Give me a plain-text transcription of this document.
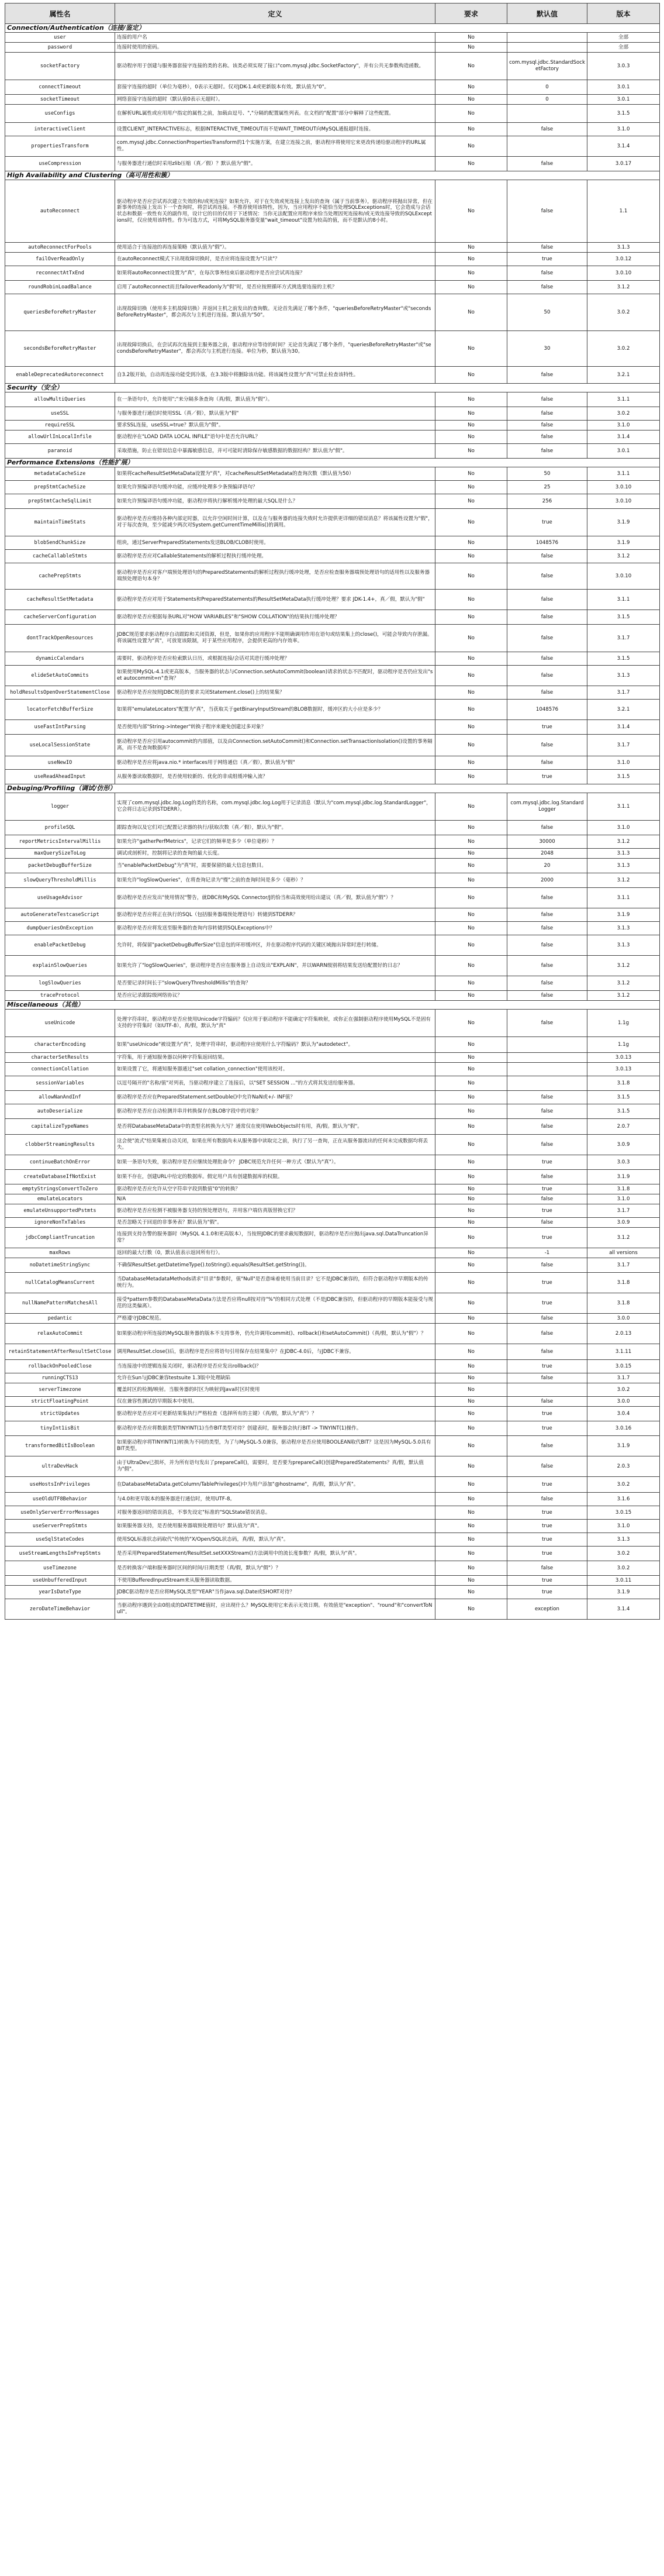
属性名	定义	要求	默认值	版本
Connection/Authentication（连接/鉴定）				
user	连接的用户名	No		全部
password	连接时使用的密码。	No		全部
socketFactory	驱动程序用于创建与服务器套接字连接的类的名称。该类必须实现了接口"com.mysql.jdbc.SocketFactory"，并有公共无参数构造函数。	No	com.mysql.jdbc.StandardSocketFactory	3.0.3
connectTimeout	套接字连接的超时（单位为毫秒），0表示无超时。仅对JDK-1.4或更新版本有效。默认值为"0"。	No	0	3.0.1
socketTimeout	网络套接字连接的超时（默认值0表示无超时）。	No	0	3.0.1
useConfigs	在解析URL属性或应用用户指定的属性之前，加载由逗号、","分隔的配置属性列表。在文档的"配置"部分中解释了这些配置。	No		3.1.5
interactiveClient	设置CLIENT_INTERACTIVE标志，根据INTERACTIVE_TIMEOUT而不是WAIT_TIMEOUT向MySQL通报超时连接。	No	false	3.1.0
propertiesTransform	com.mysql.jdbc.ConnectionPropertiesTransform的1个实施方案，在建立连接之前，驱动程序将使用它来更改传递给驱动程序的URL属性。	No		3.1.4
useCompression	与服务器进行通信时采用zlib压缩（真／假）？默认值为"假"。	No	false	3.0.17
High Availability and Clustering（高可用性和簇）				
autoReconnect	驱动程序是否应尝试再次建立失效的和/或死连接？如果允许，对于在失效或死连接上发出的查询（属于当前事务），驱动程序将抛出异常，但在新事务的连接上发出下一个查询时，将尝试再连接。不推荐使用该特性，因为，当应用程序不能恰当处理SQLExceptions时，它会造成与会话状态和数据一致性有关的副作用，设计它的目的仅用于下述情况：当你无法配置应用程序来恰当处理因死连接和/或无效连接导致的SQLExceptions时，仅应使用该特性。作为可选方式，可将MySQL服务器变量"wait_timeout"设置为较高的值，而不是默认的8小时。	No	false	1.1
autoReconnectForPools	使用适合于连接池的再连接策略（默认值为"假"）。	No	false	3.1.3
failOverReadOnly	在autoReconnect模式下出现故障切换时，是否应将连接设置为"只读"？	No	true	3.0.12
reconnectAtTxEnd	如果将autoReconnect设置为"真"，在每次事务结束后驱动程序是否应尝试再连接？	No	false	3.0.10
roundRobinLoadBalance	启用了autoReconnect而且failoverReadonly为"假"时，是否应按照循环方式挑选要连接的主机？	No	false	3.1.2
queriesBeforeRetryMaster	出现故障切换（使用多主机故障切换）并返回主机之前发出的查询数。无论首先满足了哪个条件，"queriesBeforeRetryMaster"或"secondsBeforeRetryMaster"，都会再次与主机进行连接。默认值为"50"。	No	50	3.0.2
secondsBeforeRetryMaster	出现故障切换后，在尝试再次连接到主服务器之前，驱动程序应等待的时间？无论首先满足了哪个条件，"queriesBeforeRetryMaster"或"secondsBeforeRetryMaster"，都会再次与主机进行连接。单位为秒，默认值为30。	No	30	3.0.2
enableDeprecatedAutoreconnect	自3.2版开始，自动再连接功能受到冷落，在3.3版中将删除该功能。将该属性设置为"真"可禁止检查该特性。	No	false	3.2.1
Security（安全）				
allowMultiQueries	在一条语句中，允许使用";"来分隔多条查询（真/假，默认值为"假"）。	No	false	3.1.1
useSSL	与服务器进行通信时使用SSL（真／假），默认值为"假"	No	false	3.0.2
requireSSL	要求SSL连接，useSSL=true？默认值为"假"。	No	false	3.1.0
allowUrlInLocalInfile	驱动程序在"LOAD DATA LOCAL INFILE"语句中是否允许URL？	No	false	3.1.4
paranoid	采取措施，防止在错误信息中暴露敏感信息，并可可能时清除保存敏感数据的数据结构？默认值为"假"。	No	false	3.0.1
Performance Extensions（性能扩展）				
metadataCacheSize	如果将cacheResultSetMetaData设置为"真"，对cacheResultSetMetadata的查询次数（默认值为50）	No	50	3.1.1
prepStmtCacheSize	如果允许预编译语句缓冲功能，应缓冲处理多少条预编译语句？	No	25	3.0.10
prepStmtCacheSqlLimit	如果允许预编译语句缓冲功能，驱动程序将执行解析缓冲处理的最大SQL是什么？	No	256	3.0.10
maintainTimeStats	驱动程序是否应维持各种内部定时器，以允许空闲时间计算，以及在与服务器的连接失败时允许提供更详细的错误消息？将该属性设置为"假"，对于每次查询，至少能减少两次对System.getCurrentTimeMillis()的调用。	No	true	3.1.9
blobSendChunkSize	组块，通过ServerPreparedStatements发送BLOB/CLOB时使用。	No	1048576	3.1.9
cacheCallableStmts	驱动程序是否应对CallableStatements的解析过程执行缓冲处理。	No	false	3.1.2
cachePrepStmts	驱动程序是否应对客户端预处理语句的PreparedStatements的解析过程执行缓冲处理，是否应检查服务器端预处理语句的适用性以及服务器端预处理语句本身？	No	false	3.0.10
cacheResultSetMetadata	驱动程序是否应对用于Statements和PreparedStatements的ResultSetMetaData执行缓冲处理？要求 JDK-1.4+，真／假，默认为"假"	No	false	3.1.1
cacheServerConfiguration	驱动程序是否应根据每条URL对"HOW VARIABLES"和"SHOW COLLATION"的结果执行缓冲处理？	No	false	3.1.5
dontTrackOpenResources	JDBC规范要求驱动程序自动跟踪和关闭资源，但是，如果你的应用程序不能明确调用作用在语句或结果集上的close()，可能会导致内存泄漏。将该属性设置为"真"，可放宽该限制，对于某些应用程序，会提供更高的内存效率。	No	false	3.1.7
dynamicCalendars	需要时，驱动程序是否应检索默认日历，或根据连接/会话对其进行缓冲处理？	No	false	3.1.5
elideSetAutoCommits	如果使用MySQL-4.1或更高版本，当服务器的状态与Connection.setAutoCommit(boolean)请求的状态不匹配时，驱动程序是否仍应发出"set autocommit=n"查询？	No	false	3.1.3
holdResultsOpenOverStatementClose	驱动程序是否应按照JDBC规范的要求关闭Statement.close()上的结果集？	No	false	3.1.7
locatorFetchBufferSize	如果将"emulateLocators"配置为"真"，当获取关于getBinaryInputStream的BLOB数据时，缓冲区的大小应是多少？	No	1048576	3.2.1
useFastIntParsing	是否使用内部"String->Integer"转换子程序来避免创建过多对象？	No	true	3.1.4
useLocalSessionState	驱动程序是否应引用autocommit的内部值，以及由Connection.setAutoCommit()和Connection.setTransactionIsolation()设置的事务隔离，而不是查询数据库？	No	false	3.1.7
useNewIO	驱动程序是否应将java.nio.* interfaces用于网络通信（真／假），默认值为"假"	No	false	3.1.0
useReadAheadInput	从服务器读取数据时，是否使用较新的、优化的非成组缓冲输入流？	No	true	3.1.5
Debuging/Profiling（调试/仿形）				
logger	实现了com.mysql.jdbc.log.Log的类的名称，com.mysql.jdbc.log.Log用于记录消息（默认为"com.mysql.jdbc.log.StandardLogger"，它会将日志记录到STDERR）。	No	com.mysql.jdbc.log.StandardLogger	3.1.1
profileSQL	跟踪查询以及它们对已配置记录器的执行/获取次数（真／假），默认为"假"。	No	false	3.1.0
reportMetricsIntervalMillis	如果允许"gatherPerfMetrics"，记录它们的频率是多少（单位毫秒）？	No	30000	3.1.2
maxQuerySizeToLog	调试或剖析时，控制将记录的查询的最大长度。	No	2048	3.1.3
packetDebugBufferSize	当"enablePacketDebug"为"真"时，需要保留的最大信息包数目。	No	20	3.1.3
slowQueryThresholdMillis	如果允许"logSlowQueries"，在将查询记录为"慢"之前的查询时间是多少（毫秒）？	No	2000	3.1.2
useUsageAdvisor	驱动程序是否应发出"使用情况"警告，就DBC和MySQL Connector/J的恰当和高效使用给出建议（真／假，默认值为"假"）？	No	false	3.1.1
autoGenerateTestcaseScript	驱动程序是否应将正在执行的SQL（包括服务器端预处理语句）转储到STDERR？	No	false	3.1.9
dumpQueriesOnException	驱动程序是否应将发送至服务器的查询内容转储到SQLExceptions中？	No	false	3.1.3
enablePacketDebug	允许时，将保留"packetDebugBufferSize"信息包的环形缓冲区，并在驱动程序代码的关键区域抛出异常时进行转储。	No	false	3.1.3
explainSlowQueries	如果允许了"logSlowQueries"，驱动程序是否应在服务器上自动发出"EXPLAIN"，并以WARN级别将结果发送给配置好的日志？	No	false	3.1.2
logSlowQueries	是否要记录时间长于"slowQueryThresholdMillis"的查询？	No	false	3.1.2
traceProtocol	是否应记录跟踪级网络协议？	No	false	3.1.2
Miscellaneous（其他）				
useUnicode	处理字符串时，驱动程序是否应使用Unicode字符编码？仅应用于驱动程序不能确定字符集映射，或你正在强制驱动程序使用MySQL不是固有支持的字符集时（如UTF-8），真/假，默认为"真"	No	false	1.1g
characterEncoding	如果"useUnicode"被设置为"真"，处理字符串时，驱动程序应使用什么字符编码？默认为"autodetect"。	No		1.1g
characterSetResults	字符集，用于通知服务器以何种字符集返回结果。	No		3.0.13
connectionCollation	如果设置了它，将通知服务器通过"set collation_connection"使用该校对。	No		3.0.13
sessionVariables	以逗号隔开的"名称/值"对列表，当驱动程序建立了连接后，以"SET SESSION ..."的方式将其发送给服务器。	No		3.1.8
allowNanAndInf	驱动程序是否应在PreparedStatement.setDouble()中允许NaN或+/- INF值？	No	false	3.1.5
autoDeserialize	驱动程序是否应自动检测并串并转换保存在BLOB字段中的对象？	No	false	3.1.5
capitalizeTypeNames	是否将DatabaseMetaData中的类型名转换为大写？通常仅在使用WebObjects时有用，真/假。默认为"假"。	No	false	2.0.7
clobberStreamingResults	这会使"流式"结果集被自动关闭，如果在所有数据尚未从服务器中读取完之前，执行了另一查询，正在从服务器流出的任何未完成数据均将丢失。	No	false	3.0.9
continueBatchOnError	如果一条语句失败，驱动程序是否应继续处理批命令？ JDBC规范允许任何一种方式（默认为"真"）。	No	true	3.0.3
createDatabaseIfNotExist	如果不存在，创建URL中给定的数据库。假定用户具有创建数据库的权限。	No	false	3.1.9
emptyStringsConvertToZero	驱动程序是否应允许从空字符串字段到数值"0"的转换？	No	true	3.1.8
emulateLocators	N/A	No	false	3.1.0
emulateUnsupportedPstmts	驱动程序是否应检测不被服务器支持的预处理语句，并用客户端仿真版替换它们？	No	true	3.1.7
ignoreNonTxTables	是否忽略关于回退的非事务表？默认值为"假"。	No	false	3.0.9
jdbcCompliantTruncation	连接到支持告警的服务器时（MySQL 4.1.0和更高版本），当按照JDBC的要求截短数据时，驱动程序是否应抛出java.sql.DataTruncation异常？	No	true	3.1.2
maxRows	返回的最大行数（0，默认值表示返回所有行）。	No	-1	all versions
noDatetimeStringSync	不确保ResultSet.getDatetimeType().toString().equals(ResultSet.getString())。	No	false	3.1.7
nullCatalogMeansCurrent	当DatabaseMetadataMethods请求"目录"参数时，值"Null"是否意味着使用当前目录？它不是JDBC兼容的，但符合驱动程序早期版本的传统行为。	No	true	3.1.8
nullNamePatternMatchesAll	接受*pattern参数的DatabaseMetaData方法是否应将null按对待"%"的相同方式处理（不是JDBC兼容的，但驱动程序的早期版本能接受与规范的这类偏离）。	No	true	3.1.8
pedantic	严格遵守JDBC规范。	No	false	3.0.0
relaxAutoCommit	如果驱动程序所连接的MySQL服务器的版本不支持事务，仍允许调用commit()、rollback()和setAutoCommit()（真/假，默认为"假"）？	No	false	2.0.13
retainStatementAfterResultSetClose	调用ResultSet.close()后，驱动程序是否应将语句引用保存在结果集中？在JDBC-4.0后，与JDBC不兼容。	No	false	3.1.11
rollbackOnPooledClose	当连接池中的逻辑连接关闭时，驱动程序是否应发出rollback()？	No	true	3.0.15
runningCTS13	允许在Sun与JDBC兼容testsuite 1.3版中处理缺陷	No	false	3.1.7
serverTimezone	覆盖时区的检测/映射。当服务器的时区为映射到Java时区时使用	No		3.0.2
strictFloatingPoint	仅在兼容性测试的早期版本中使用。	No	false	3.0.0
strictUpdates	驱动程序是否应对可更新结果集执行严格检查（选择所有的主键）（真/假，默认为"真"）？	No	true	3.0.4
tinyInt1isBit	驱动程序是否应将数据类型TINYINT(1)当作BIT类型对待？创建表时，服务器会执行BIT -> TINYINT(1)操作。	No	true	3.0.16
transformedBitIsBoolean	如果驱动程序将TINYINT(1)转换为不同的类型，为了与MySQL-5.0兼容，驱动程序是否应使用BOOLEAN取代BIT？这是因为MySQL-5.0具有BIT类型。	No	false	3.1.9
ultraDevHack	由于UltraDev已损坏，并为所有语句发出了prepareCall()，需要时，是否要为prepareCall()创建PreparedStatements？真/假，默认值为"假"。	No	false	2.0.3
useHostsInPrivileges	在DatabaseMetaData.getColumn/TablePrivileges()中为用户添加"@hostname"，真/假，默认为"真"。	No	true	3.0.2
useOldUTF8Behavior	与4.0和更早版本的服务器进行通信时，使用UTF-8。	No	false	3.1.6
useOnlyServerErrorMessages	对服务器返回的错误消息，不事先设定"标准的"SQLState错误消息。	No	true	3.0.15
useServerPrepStmts	如果服务器支持，是否使用服务器端预处理语句？默认值为"真"。	No	true	3.1.0
useSqlStateCodes	使用SQL标准状态码取代"传统的"X/Open/SQL状态码，真/假，默认为"真"。	No	true	3.1.3
useStreamLengthsInPrepStmts	是否采用PreparedStatement/ResultSet.setXXXStream()方法调用中的流长度参数？真/假，默认为"真"。	No	true	3.0.2
useTimezone	是否转换客户端和服务器时区间的时间/日期类型（真/假，默认为"假"）？	No	false	3.0.2
useUnbufferedInput	不使用BufferedInputStream来从服务器读取数据。	No	true	3.0.11
yearIsDateType	JDBC驱动程序是否应将MySQL类型"YEAR"当作java.sql.Date或SHORT对待？	No	true	3.1.9
zeroDateTimeBehavior	当驱动程序遇到全由0组成的DATETIME值时，应出现什么？MySQL使用它来表示无效日期。有效值是"exception"、"round"和"convertToNull"。	No	exception	3.1.4
